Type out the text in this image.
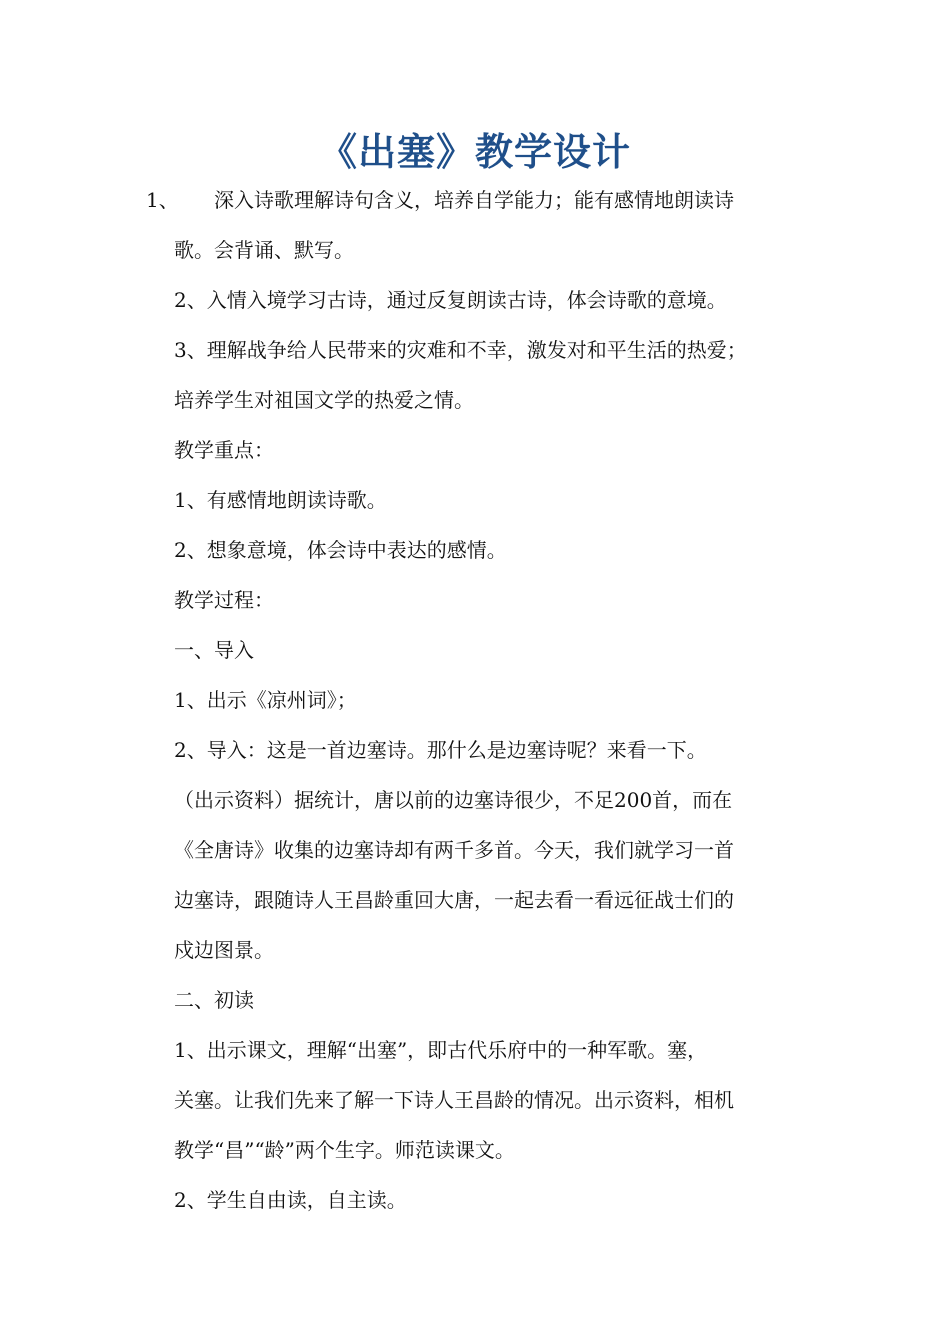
《出塞》教学设计
1、 深入诗歌理解诗句含义，培养自学能力；能有感情地朗读诗
歌。会背诵、默写。
2、入情入境学习古诗，通过反复朗读古诗，体会诗歌的意境。
3、理解战争给人民带来的灾难和不幸，激发对和平生活的热爱；
培养学生对祖国文学的热爱之情。
教学重点：
1、有感情地朗读诗歌。
2、想象意境，体会诗中表达的感情。
教学过程：
一、导入
1、出示《凉州词》；
2、导入：这是一首边塞诗。那什么是边塞诗呢？来看一下。
（出示资料）据统计，唐以前的边塞诗很少，不足200首，而在
《全唐诗》收集的边塞诗却有两千多首。今天，我们就学习一首
边塞诗，跟随诗人王昌龄重回大唐，一起去看一看远征战士们的
戍边图景。
二、初读
1、出示课文，理解“出塞”，即古代乐府中的一种军歌。塞，
关塞。让我们先来了解一下诗人王昌龄的情况。出示资料，相机
教学“昌”“龄”两个生字。师范读课文。
2、学生自由读，自主读。
